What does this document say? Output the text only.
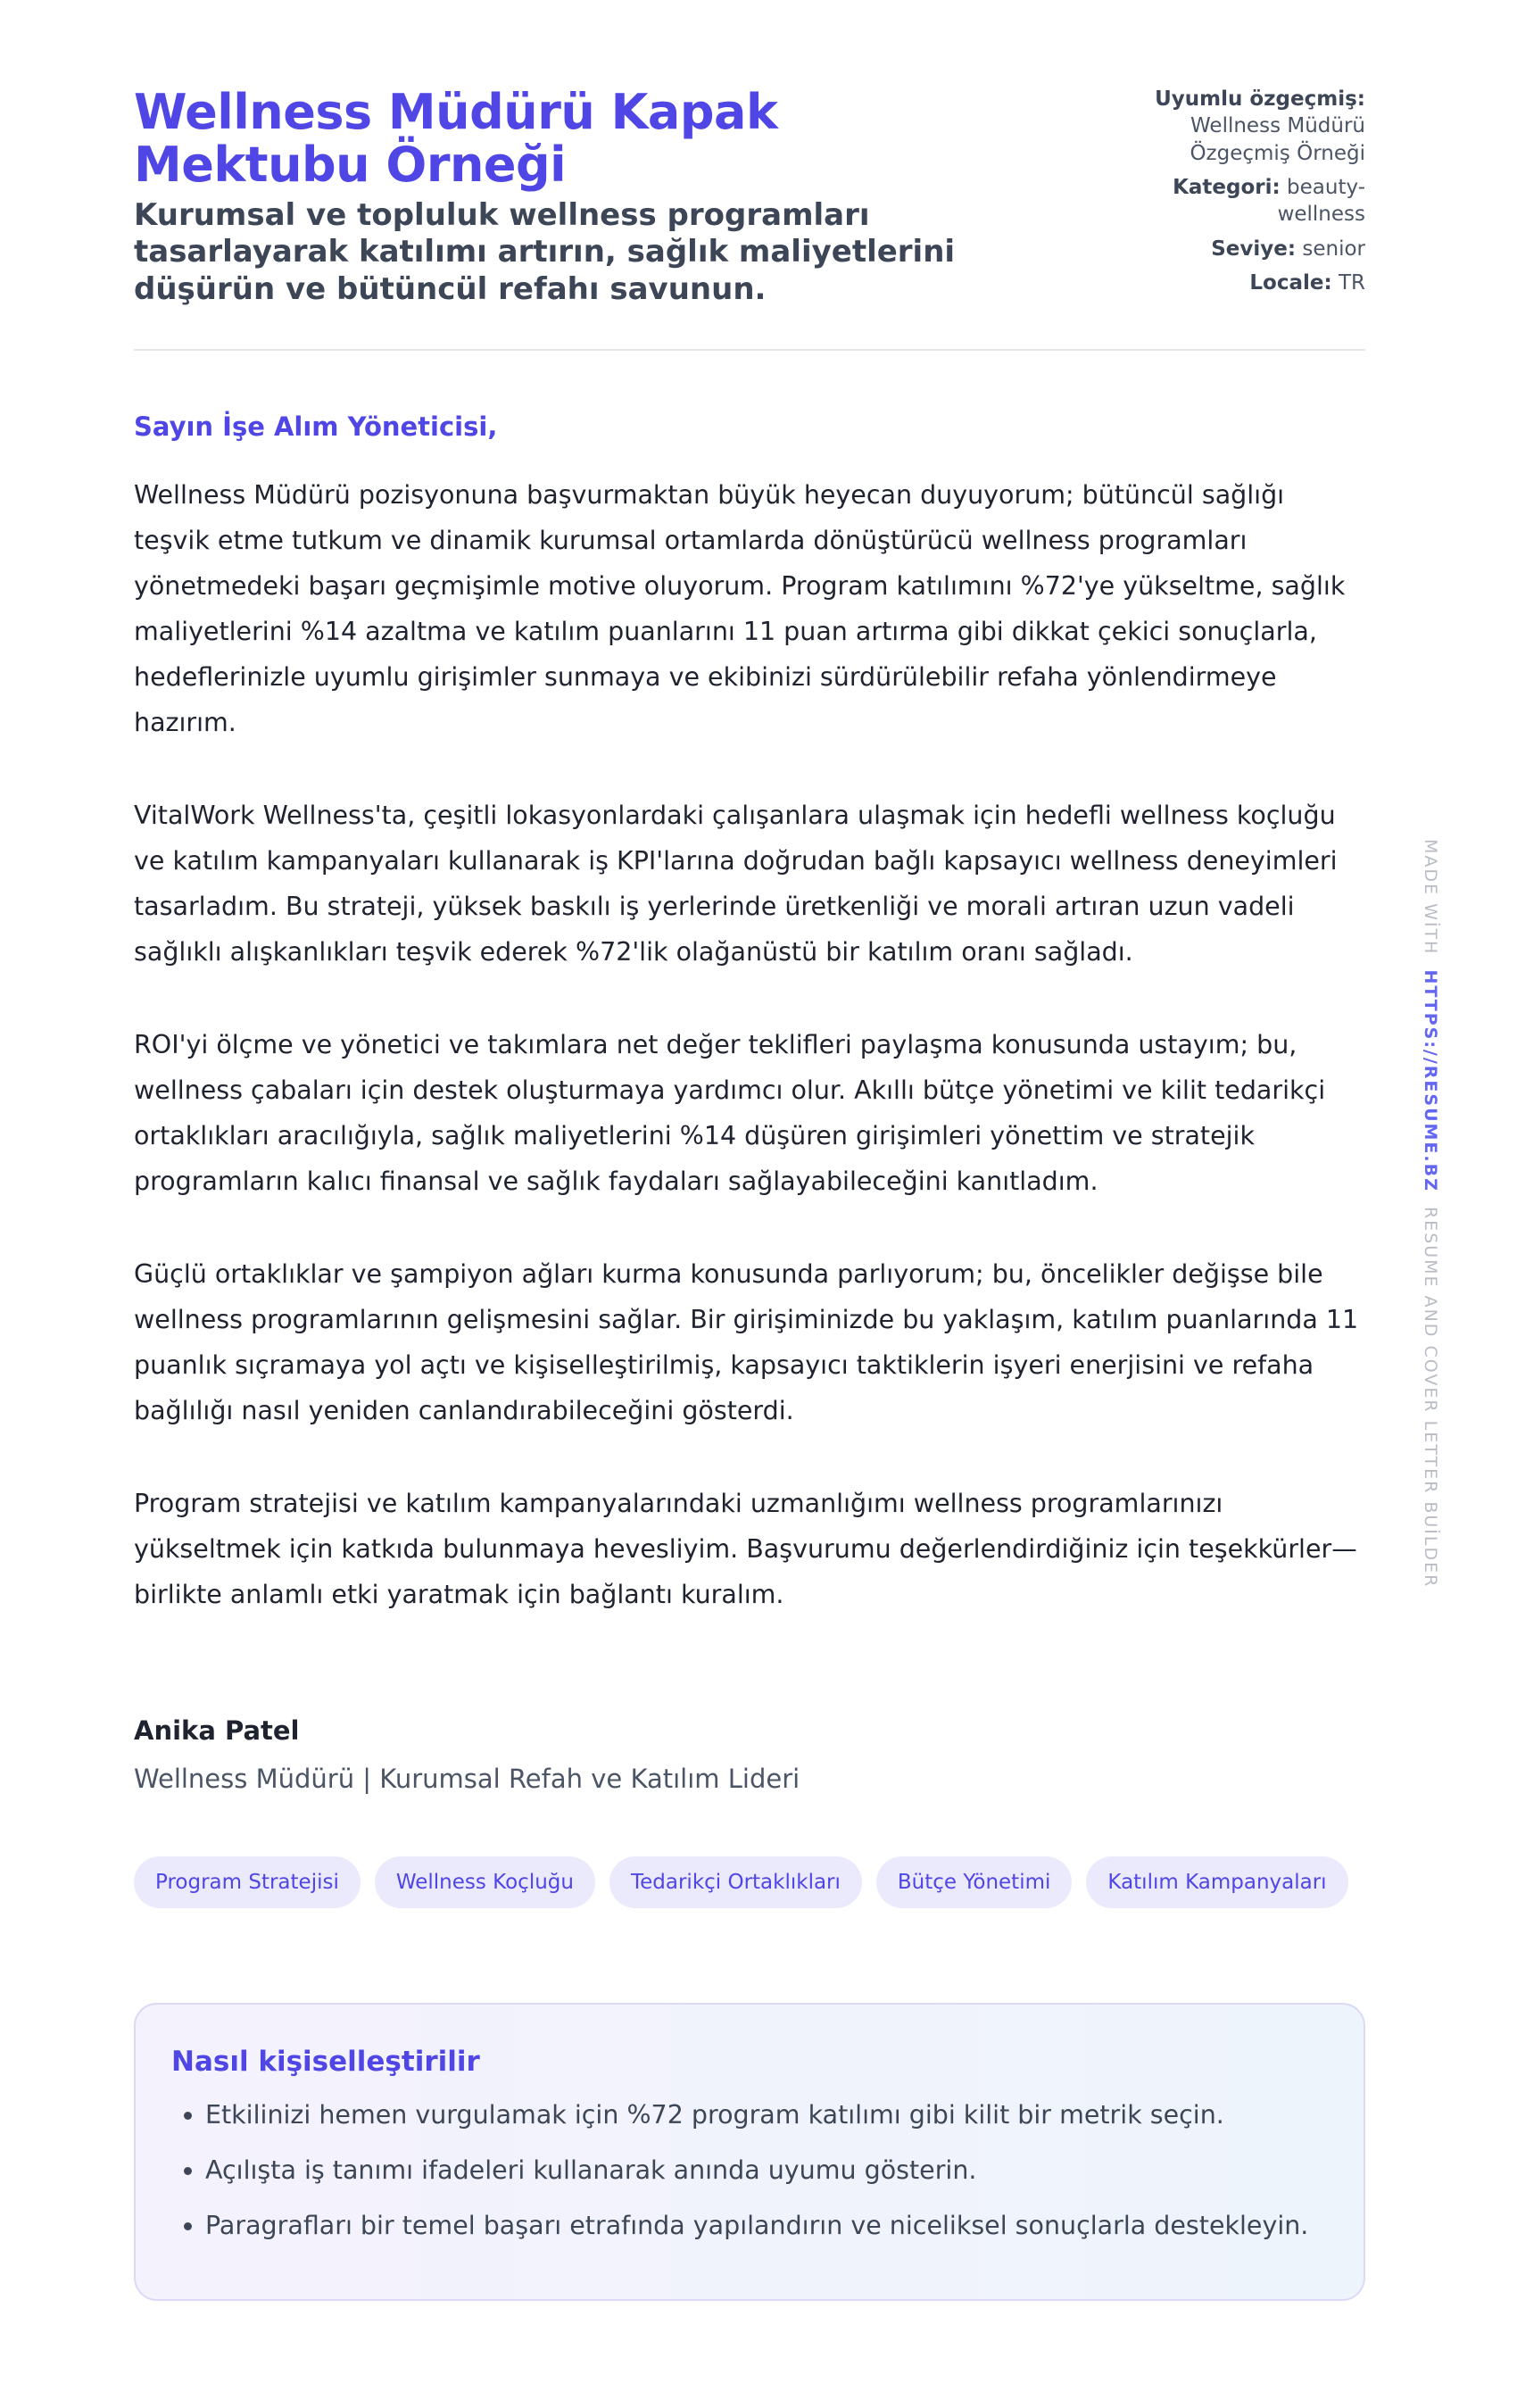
Wellness Müdürü Kapak Mektubu Örneği
Kurumsal ve topluluk wellness programları tasarlayarak katılımı artırın, sağlık maliyetlerini düşürün ve bütüncül refahı savunun.
Uyumlu özgeçmiş:
Wellness Müdürü Özgeçmiş Örneği
Kategori: beauty-wellness
Seviye: senior
Locale: TR

Sayın İşe Alım Yöneticisi,

Wellness Müdürü pozisyonuna başvurmaktan büyük heyecan duyuyorum; bütüncül sağlığı teşvik etme tutkum ve dinamik kurumsal ortamlarda dönüştürücü wellness programları yönetmedeki başarı geçmişimle motive oluyorum. Program katılımını %72'ye yükseltme, sağlık maliyetlerini %14 azaltma ve katılım puanlarını 11 puan artırma gibi dikkat çekici sonuçlarla, hedeflerinizle uyumlu girişimler sunmaya ve ekibinizi sürdürülebilir refaha yönlendirmeye hazırım.

VitalWork Wellness'ta, çeşitli lokasyonlardaki çalışanlara ulaşmak için hedefli wellness koçluğu ve katılım kampanyaları kullanarak iş KPI'larına doğrudan bağlı kapsayıcı wellness deneyimleri tasarladım. Bu strateji, yüksek baskılı iş yerlerinde üretkenliği ve morali artıran uzun vadeli sağlıklı alışkanlıkları teşvik ederek %72'lik olağanüstü bir katılım oranı sağladı.

ROI'yi ölçme ve yönetici ve takımlara net değer teklifleri paylaşma konusunda ustayım; bu, wellness çabaları için destek oluşturmaya yardımcı olur. Akıllı bütçe yönetimi ve kilit tedarikçi ortaklıkları aracılığıyla, sağlık maliyetlerini %14 düşüren girişimleri yönettim ve stratejik programların kalıcı finansal ve sağlık faydaları sağlayabileceğini kanıtladım.

Güçlü ortaklıklar ve şampiyon ağları kurma konusunda parlıyorum; bu, öncelikler değişse bile wellness programlarının gelişmesini sağlar. Bir girişiminizde bu yaklaşım, katılım puanlarında 11 puanlık sıçramaya yol açtı ve kişiselleştirilmiş, kapsayıcı taktiklerin işyeri enerjisini ve refaha bağlılığı nasıl yeniden canlandırabileceğini gösterdi.

Program stratejisi ve katılım kampanyalarındaki uzmanlığımı wellness programlarınızı yükseltmek için katkıda bulunmaya hevesliyim. Başvurumu değerlendirdiğiniz için teşekkürler—birlikte anlamlı etki yaratmak için bağlantı kuralım.

Anika Patel

Wellness Müdürü | Kurumsal Refah ve Katılım Lideri

Program Stratejisi	Wellness Koçluğu	Tedarikçi Ortaklıkları	Bütçe Yönetimi	Katılım Kampanyaları
Nasıl kişiselleştirilir
• Etkilinizi hemen vurgulamak için %72 program katılımı gibi kilit bir metrik seçin.
• Açılışta iş tanımı ifadeleri kullanarak anında uyumu gösterin.
• Paragrafları bir temel başarı etrafında yapılandırın ve niceliksel sonuçlarla destekleyin.
MADE WİTH  HTTPS://RESUME.BZ  RESUME AND COVER LETTER BUİLDER
